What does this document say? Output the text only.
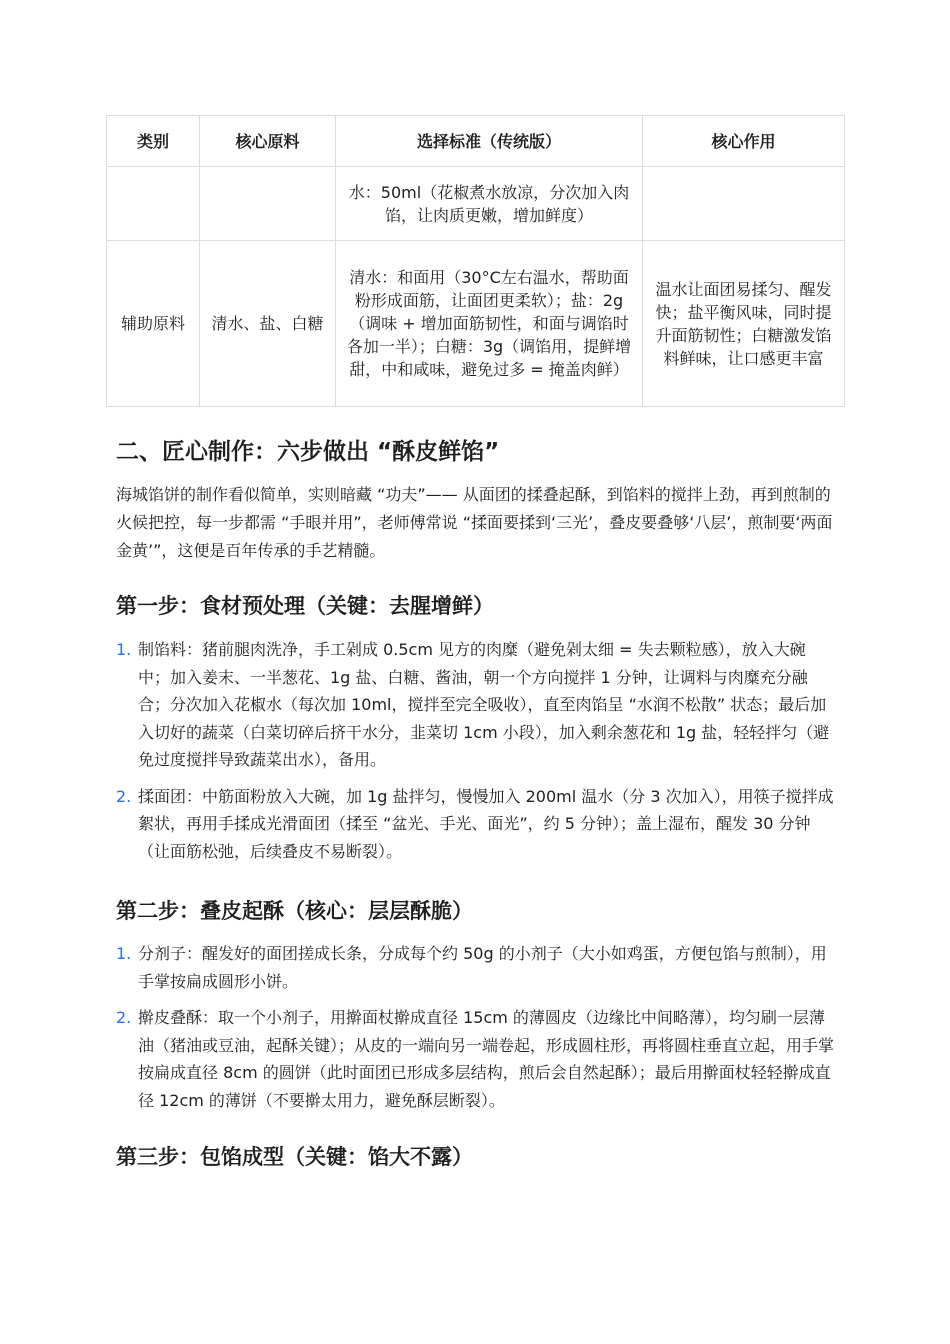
类别	核心原料	选择标准（传统版）	核心作用
		水：50ml（花椒煮水放凉，分次加入肉馅，让肉质更嫩，增加鲜度）	
辅助原料	清水、盐、白糖	清水：和面用（30°C左右温水，帮助面粉形成面筋，让面团更柔软）；盐：2g（调味 + 增加面筋韧性，和面与调馅时各加一半）；白糖：3g（调馅用，提鲜增甜，中和咸味，避免过多 = 掩盖肉鲜）	温水让面团易揉匀、醒发快；盐平衡风味，同时提升面筋韧性；白糖激发馅料鲜味，让口感更丰富
二、匠心制作：六步做出 “酥皮鲜馅”

海城馅饼的制作看似简单，实则暗藏 “功夫”—— 从面团的揉叠起酥，到馅料的搅拌上劲，再到煎制的火候把控，每一步都需 “手眼并用”，老师傅常说 “揉面要揉到‘三光’，叠皮要叠够‘八层’，煎制要‘两面金黄’”，这便是百年传承的手艺精髓。

第一步：食材预处理（关键：去腥增鲜）
1. 制馅料：猪前腿肉洗净，手工剁成 0.5cm 见方的肉糜（避免剁太细 = 失去颗粒感），放入大碗中；加入姜末、一半葱花、1g 盐、白糖、酱油，朝一个方向搅拌 1 分钟，让调料与肉糜充分融合；分次加入花椒水（每次加 10ml，搅拌至完全吸收），直至肉馅呈 “水润不松散” 状态；最后加入切好的蔬菜（白菜切碎后挤干水分，韭菜切 1cm 小段），加入剩余葱花和 1g 盐，轻轻拌匀（避免过度搅拌导致蔬菜出水），备用。
2. 揉面团：中筋面粉放入大碗，加 1g 盐拌匀，慢慢加入 200ml 温水（分 3 次加入），用筷子搅拌成絮状，再用手揉成光滑面团（揉至 “盆光、手光、面光”，约 5 分钟）；盖上湿布，醒发 30 分钟（让面筋松弛，后续叠皮不易断裂）。
第二步：叠皮起酥（核心：层层酥脆）
1. 分剂子：醒发好的面团搓成长条，分成每个约 50g 的小剂子（大小如鸡蛋，方便包馅与煎制），用手掌按扁成圆形小饼。
2. 擀皮叠酥：取一个小剂子，用擀面杖擀成直径 15cm 的薄圆皮（边缘比中间略薄），均匀刷一层薄油（猪油或豆油，起酥关键）；从皮的一端向另一端卷起，形成圆柱形，再将圆柱垂直立起，用手掌按扁成直径 8cm 的圆饼（此时面团已形成多层结构，煎后会自然起酥）；最后用擀面杖轻轻擀成直径 12cm 的薄饼（不要擀太用力，避免酥层断裂）。
第三步：包馅成型（关键：馅大不露）
